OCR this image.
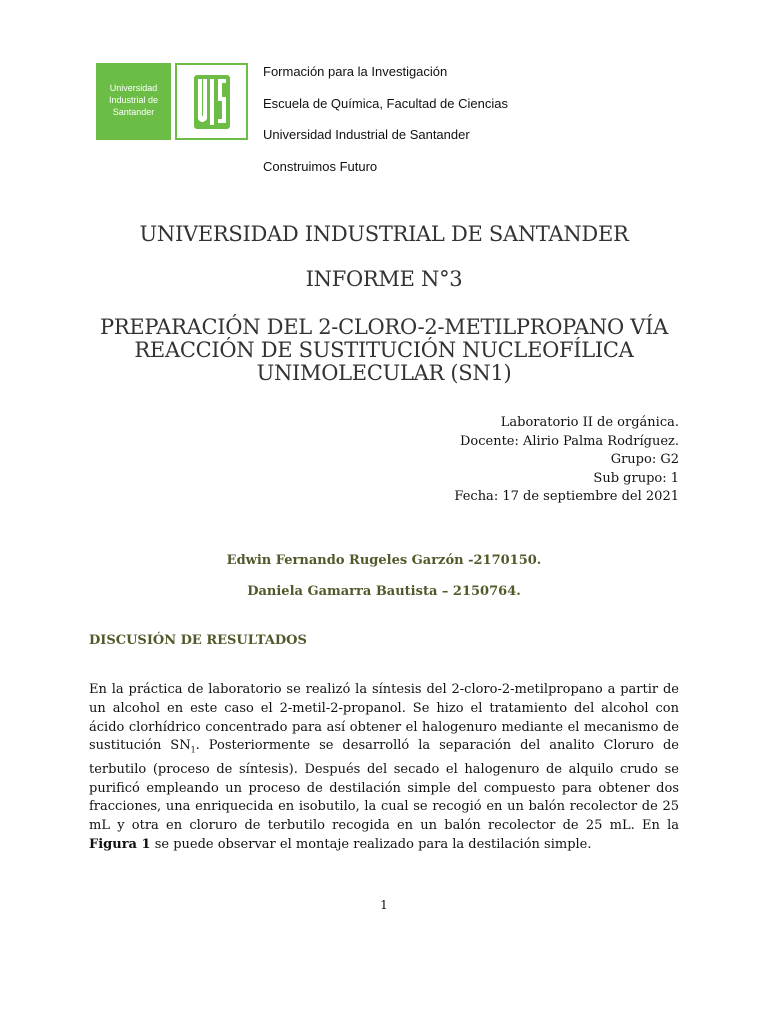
Universidad
Industrial de
Santander
Formación para la Investigación
Escuela de Química, Facultad de Ciencias
Universidad Industrial de Santander
Construimos Futuro
UNIVERSIDAD INDUSTRIAL DE SANTANDER
INFORME N°3
PREPARACIÓN DEL 2-CLORO-2-METILPROPANO VÍA
REACCIÓN DE SUSTITUCIÓN NUCLEOFÍLICA
UNIMOLECULAR (SN1)
Laboratorio II de orgánica.
Docente: Alirio Palma Rodríguez.
Grupo: G2
Sub grupo: 1
Fecha: 17 de septiembre del 2021
Edwin Fernando Rugeles Garzón -2170150.
Daniela Gamarra Bautista – 2150764.
DISCUSIÓN DE RESULTADOS
En la práctica de laboratorio se realizó la síntesis del 2-cloro-2-metilpropano a partir de un alcohol en este caso el 2-metil-2-propanol. Se hizo el tratamiento del alcohol con ácido clorhídrico concentrado para así obtener el halogenuro mediante el mecanismo de sustitución $SN_1$. Posteriormente se desarrolló la separación del analito Cloruro de terbutilo (proceso de síntesis). Después del secado el halogenuro de alquilo crudo se purificó empleando un proceso de destilación simple del compuesto para obtener dos fracciones, una enriquecida en isobutilo, la cual se recogió en un balón recolector de 25 mL y otra en cloruro de terbutilo recogida en un balón recolector de 25 mL. En la Figura 1 se puede observar el montaje realizado para la destilación simple.
1
